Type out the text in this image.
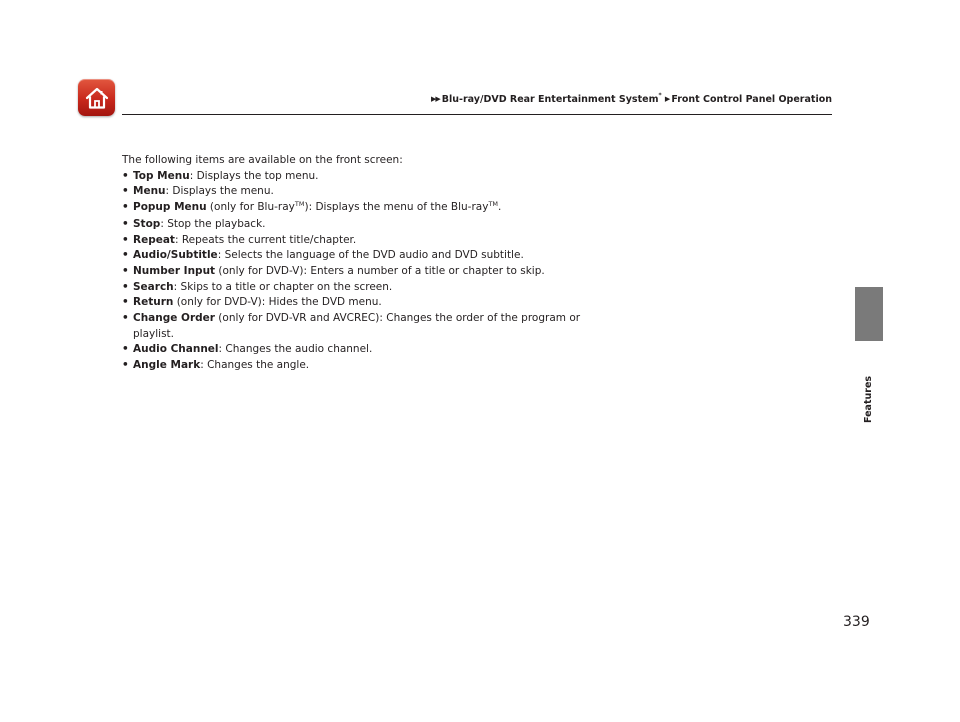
▶▶ Blu-ray/DVD Rear Entertainment System* ▶ Front Control Panel Operation
Features

The following items are available on the front screen:

• Top Menu: Displays the top menu.
• Menu: Displays the menu.
• Popup Menu (only for Blu-ray™): Displays the menu of the Blu-ray™.
• Stop: Stop the playback.
• Repeat: Repeats the current title/chapter.
• Audio/Subtitle: Selects the language of the DVD audio and DVD subtitle.
• Number Input (only for DVD-V): Enters a number of a title or chapter to skip.
• Search: Skips to a title or chapter on the screen.
• Return (only for DVD-V): Hides the DVD menu.
• Change Order (only for DVD-VR and AVCREC): Changes the order of the program or playlist.
• Audio Channel: Changes the audio channel.
• Angle Mark: Changes the angle.
339
